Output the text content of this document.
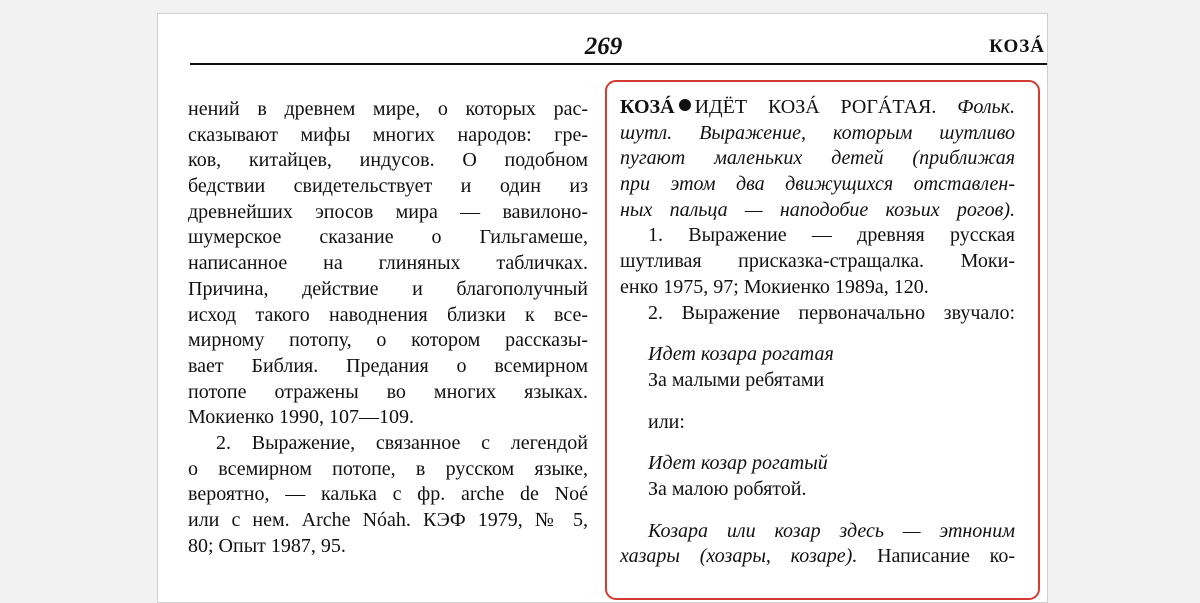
269	КОЗÁ
нений в древнем мире, о которых рас-
сказывают мифы многих народов: гре-
ков, китайцев, индусов. О подобном
бедствии свидетельствует и один из
древнейших эпосов мира — вавилоно-
шумерское сказание о Гильгамеше,
написанное на глиняных табличках.
Причина, действие и благополучный
исход такого наводнения близки к все-
мирному потопу, о котором рассказы-
вает Библия. Предания о всемирном
потопе отражены во многих языках.
Мокиенко 1990, 107—109.
2. Выражение, связанное с легендой
о всемирном потопе, в русском языке,
вероятно, — калька с фр. arche de Noé
или с нем. Arche Nóah. КЭФ 1979, № 5,
80; Опыт 1987, 95.
КОЗÁ ИДЁТ КОЗÁ РОГÁТАЯ. Фольк.
шутл. Выражение, которым шутливо
пугают маленьких детей (приближая
при этом два движущихся отставлен-
ных пальца — наподобие козьих рогов).
1. Выражение — древняя русская
шутливая присказка-стращалка. Моки-
енко 1975, 97; Мокиенко 1989а, 120.
2. Выражение первоначально звучало:
Идет козара рогатая
За малыми ребятами
или:
Идет козар рогатый
За малою робятой.
Козара или козар здесь — этноним
хазары (хозары, козаре). Написание ко-
